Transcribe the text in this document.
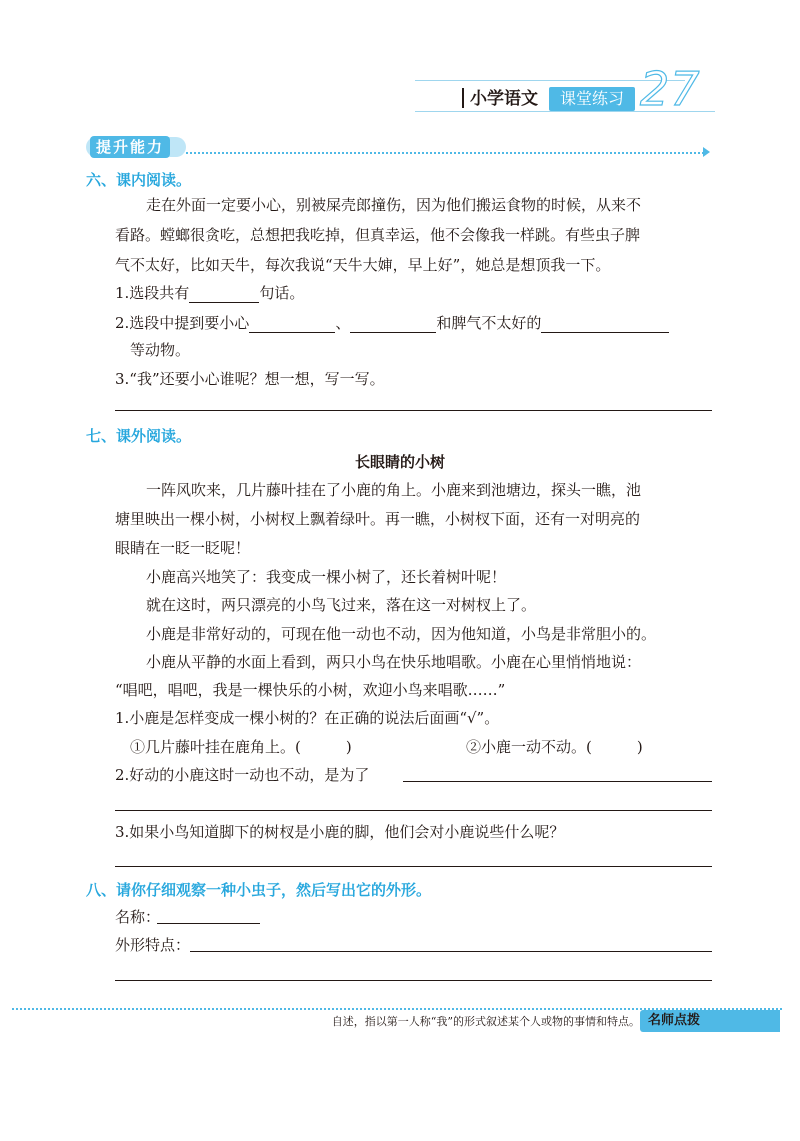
小学语文	课堂练习 27
提升能力
六、课内阅读。
走在外面一定要小心，别被屎壳郎撞伤，因为他们搬运食物的时候，从来不
看路。螳螂很贪吃，总想把我吃掉，但真幸运，他不会像我一样跳。有些虫子脾
气不太好，比如天牛，每次我说“天牛大婶，早上好”，她总是想顶我一下。
1.选段共有	句话。
2.选段中提到要小心	、	和脾气不太好的
等动物。
3.“我”还要小心谁呢？想一想，写一写。
七、课外阅读。
长眼睛的小树
一阵风吹来，几片藤叶挂在了小鹿的角上。小鹿来到池塘边，探头一瞧，池
塘里映出一棵小树，小树杈上飘着绿叶。再一瞧，小树杈下面，还有一对明亮的
眼睛在一眨一眨呢！
小鹿高兴地笑了：我变成一棵小树了，还长着树叶呢！
就在这时，两只漂亮的小鸟飞过来，落在这一对树杈上了。
小鹿是非常好动的，可现在他一动也不动，因为他知道，小鸟是非常胆小的。
小鹿从平静的水面上看到，两只小鸟在快乐地唱歌。小鹿在心里悄悄地说：
“唱吧，唱吧，我是一棵快乐的小树，欢迎小鸟来唱歌……”
1.小鹿是怎样变成一棵小树的？在正确的说法后面画“√”。
①几片藤叶挂在鹿角上。(　　　)	②小鹿一动不动。(　　　)
2.好动的小鹿这时一动也不动，是为了
3.如果小鸟知道脚下的树杈是小鹿的脚，他们会对小鹿说些什么呢？
八、请你仔细观察一种小虫子，然后写出它的外形。
名称：
外形特点：
自述，指以第一人称“我”的形式叙述某个人或物的事情和特点。 名师点拨
